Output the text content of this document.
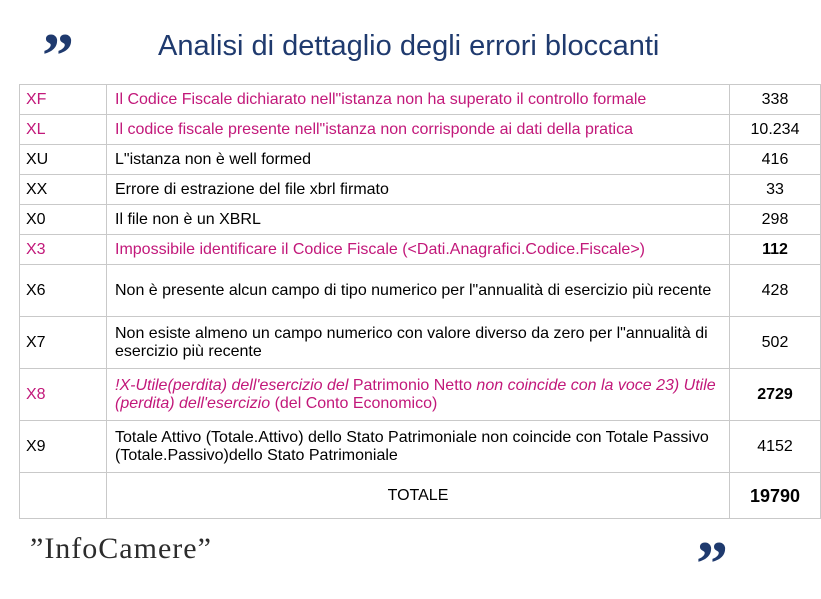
”	Analisi di dettaglio degli errori bloccanti
XF	Il Codice Fiscale dichiarato nell"istanza non ha superato il controllo formale	338
XL	Il codice fiscale presente nell"istanza non corrisponde ai dati della pratica	10.234
XU	L"istanza non è well formed	416
XX	Errore di estrazione del file xbrl firmato	33
X0	Il file non è un XBRL	298
X3	Impossibile identificare il Codice Fiscale (<Dati.Anagrafici.Codice.Fiscale>)	112
X6	Non è presente alcun campo di tipo numerico per l"annualità di esercizio più recente	428
X7	Non esiste almeno un campo numerico con valore diverso da zero per l"annualità di esercizio più recente	502
X8	!X-Utile(perdita) dell'esercizio del Patrimonio Netto non coincide con la voce 23) Utile (perdita) dell'esercizio (del Conto Economico)	2729
X9	Totale Attivo (Totale.Attivo) dello Stato Patrimoniale non coincide con Totale Passivo (Totale.Passivo)dello Stato Patrimoniale	4152
	TOTALE	19790
”InfoCamere”	”
